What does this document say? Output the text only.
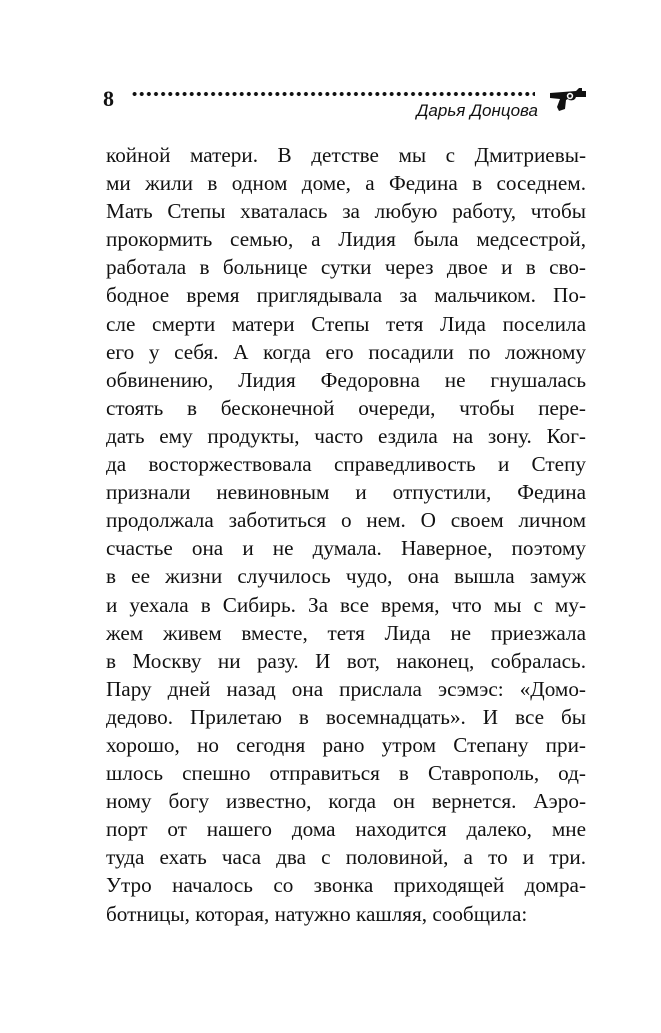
8	Дарья Донцова
койной матери. В детстве мы с Дмитриевы-
ми жили в одном доме, а Федина в соседнем.
Мать Степы хваталась за любую работу, чтобы
прокормить семью, а Лидия была медсестрой,
работала в больнице сутки через двое и в сво-
бодное время приглядывала за мальчиком. По-
сле смерти матери Степы тетя Лида поселила
его у себя. А когда его посадили по ложному
обвинению, Лидия Федоровна не гнушалась
стоять в бесконечной очереди, чтобы пере-
дать ему продукты, часто ездила на зону. Ког-
да восторжествовала справедливость и Степу
признали невиновным и отпустили, Федина
продолжала заботиться о нем. О своем личном
счастье она и не думала. Наверное, поэтому
в ее жизни случилось чудо, она вышла замуж
и уехала в Сибирь. За все время, что мы с му-
жем живем вместе, тетя Лида не приезжала
в Москву ни разу. И вот, наконец, собралась.
Пару дней назад она прислала эсэмэс: «Домо-
дедово. Прилетаю в восемнадцать». И все бы
хорошо, но сегодня рано утром Степану при-
шлось спешно отправиться в Ставрополь, од-
ному богу известно, когда он вернется. Аэро-
порт от нашего дома находится далеко, мне
туда ехать часа два с половиной, а то и три.
Утро началось со звонка приходящей домра-
ботницы, которая, натужно кашляя, сообщила:
